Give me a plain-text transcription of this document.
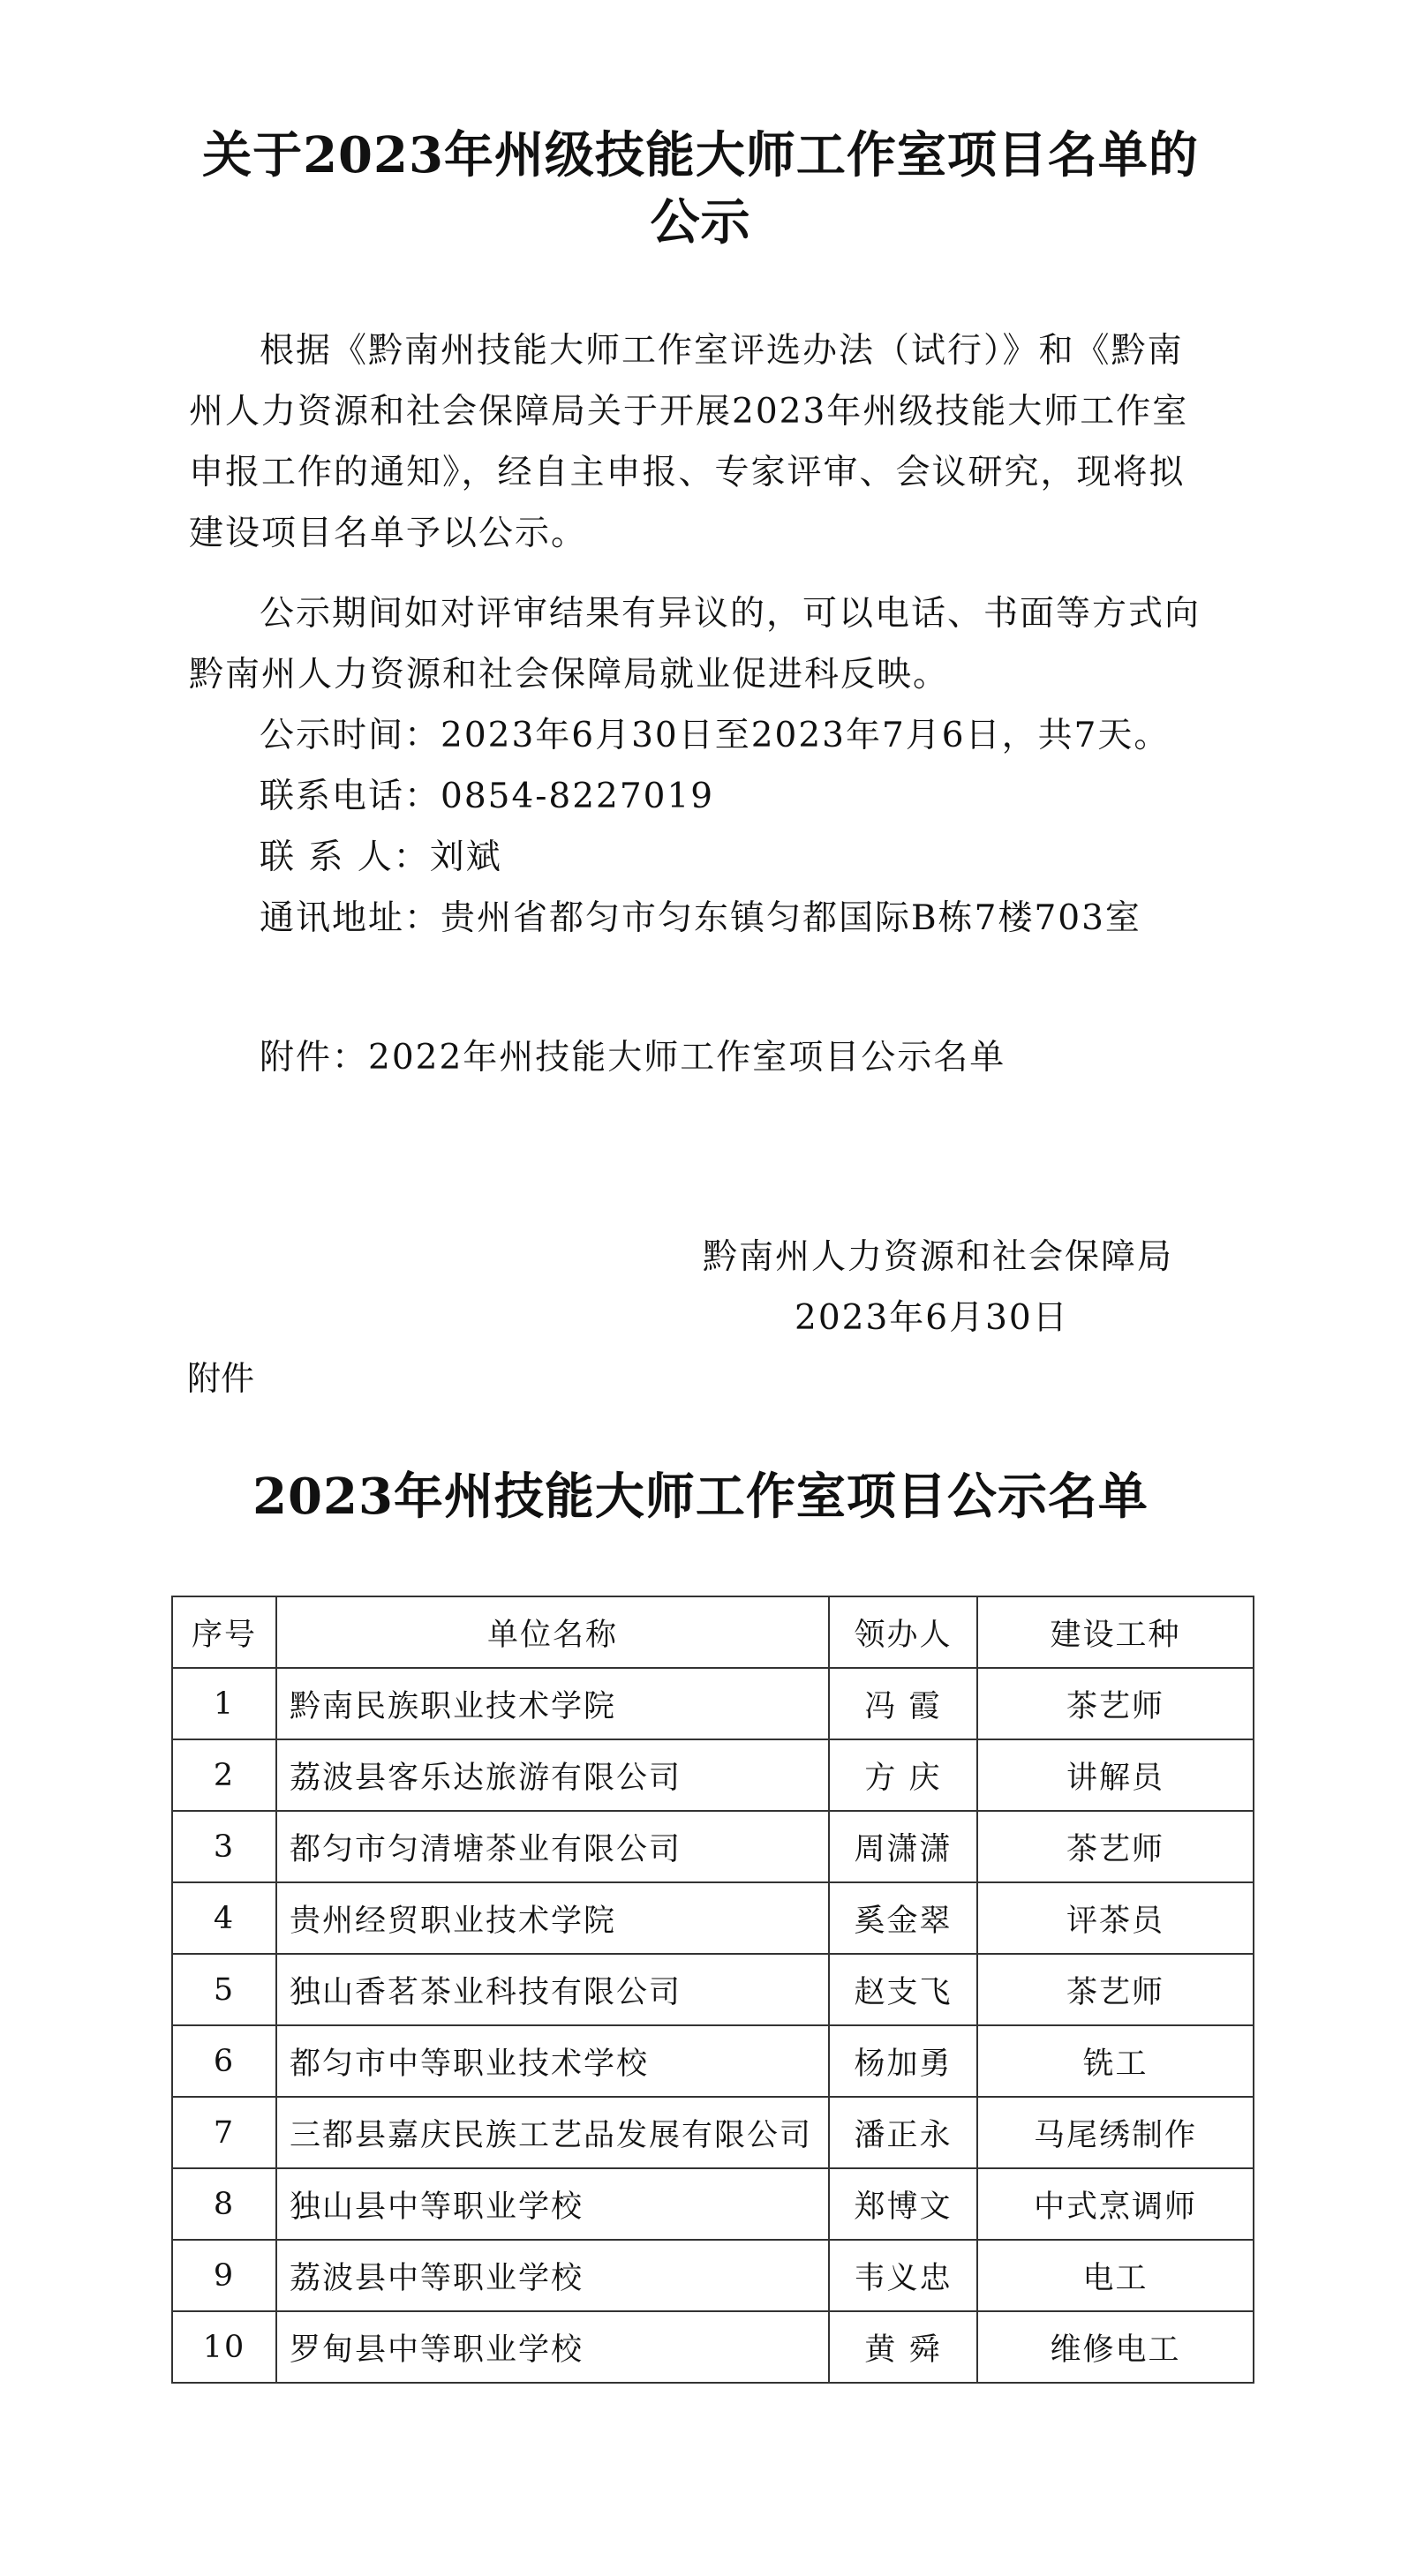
关于2023年州级技能大师工作室项目名单的
公示

根据《黔南州技能大师工作室评选办法（试行）》和《黔南州人力资源和社会保障局关于开展2023年州级技能大师工作室申报工作的通知》，经自主申报、专家评审、会议研究，现将拟建设项目名单予以公示。

公示期间如对评审结果有异议的，可以电话、书面等方式向黔南州人力资源和社会保障局就业促进科反映。

公示时间：2023年6月30日至2023年7月6日，共7天。
联系电话：0854-8227019
联 系 人：刘斌
通讯地址：贵州省都匀市匀东镇匀都国际B栋7楼703室
附件：2022年州技能大师工作室项目公示名单
黔南州人力资源和社会保障局
2023年6月30日
附件
2023年州技能大师工作室项目公示名单
序号	单位名称	领办人	建设工种
1	黔南民族职业技术学院	冯 霞	茶艺师
2	荔波县客乐达旅游有限公司	方 庆	讲解员
3	都匀市匀清塘茶业有限公司	周潇潇	茶艺师
4	贵州经贸职业技术学院	奚金翠	评茶员
5	独山香茗茶业科技有限公司	赵支飞	茶艺师
6	都匀市中等职业技术学校	杨加勇	铣工
7	三都县嘉庆民族工艺品发展有限公司	潘正永	马尾绣制作
8	独山县中等职业学校	郑博文	中式烹调师
9	荔波县中等职业学校	韦义忠	电工
10	罗甸县中等职业学校	黄 舜	维修电工
